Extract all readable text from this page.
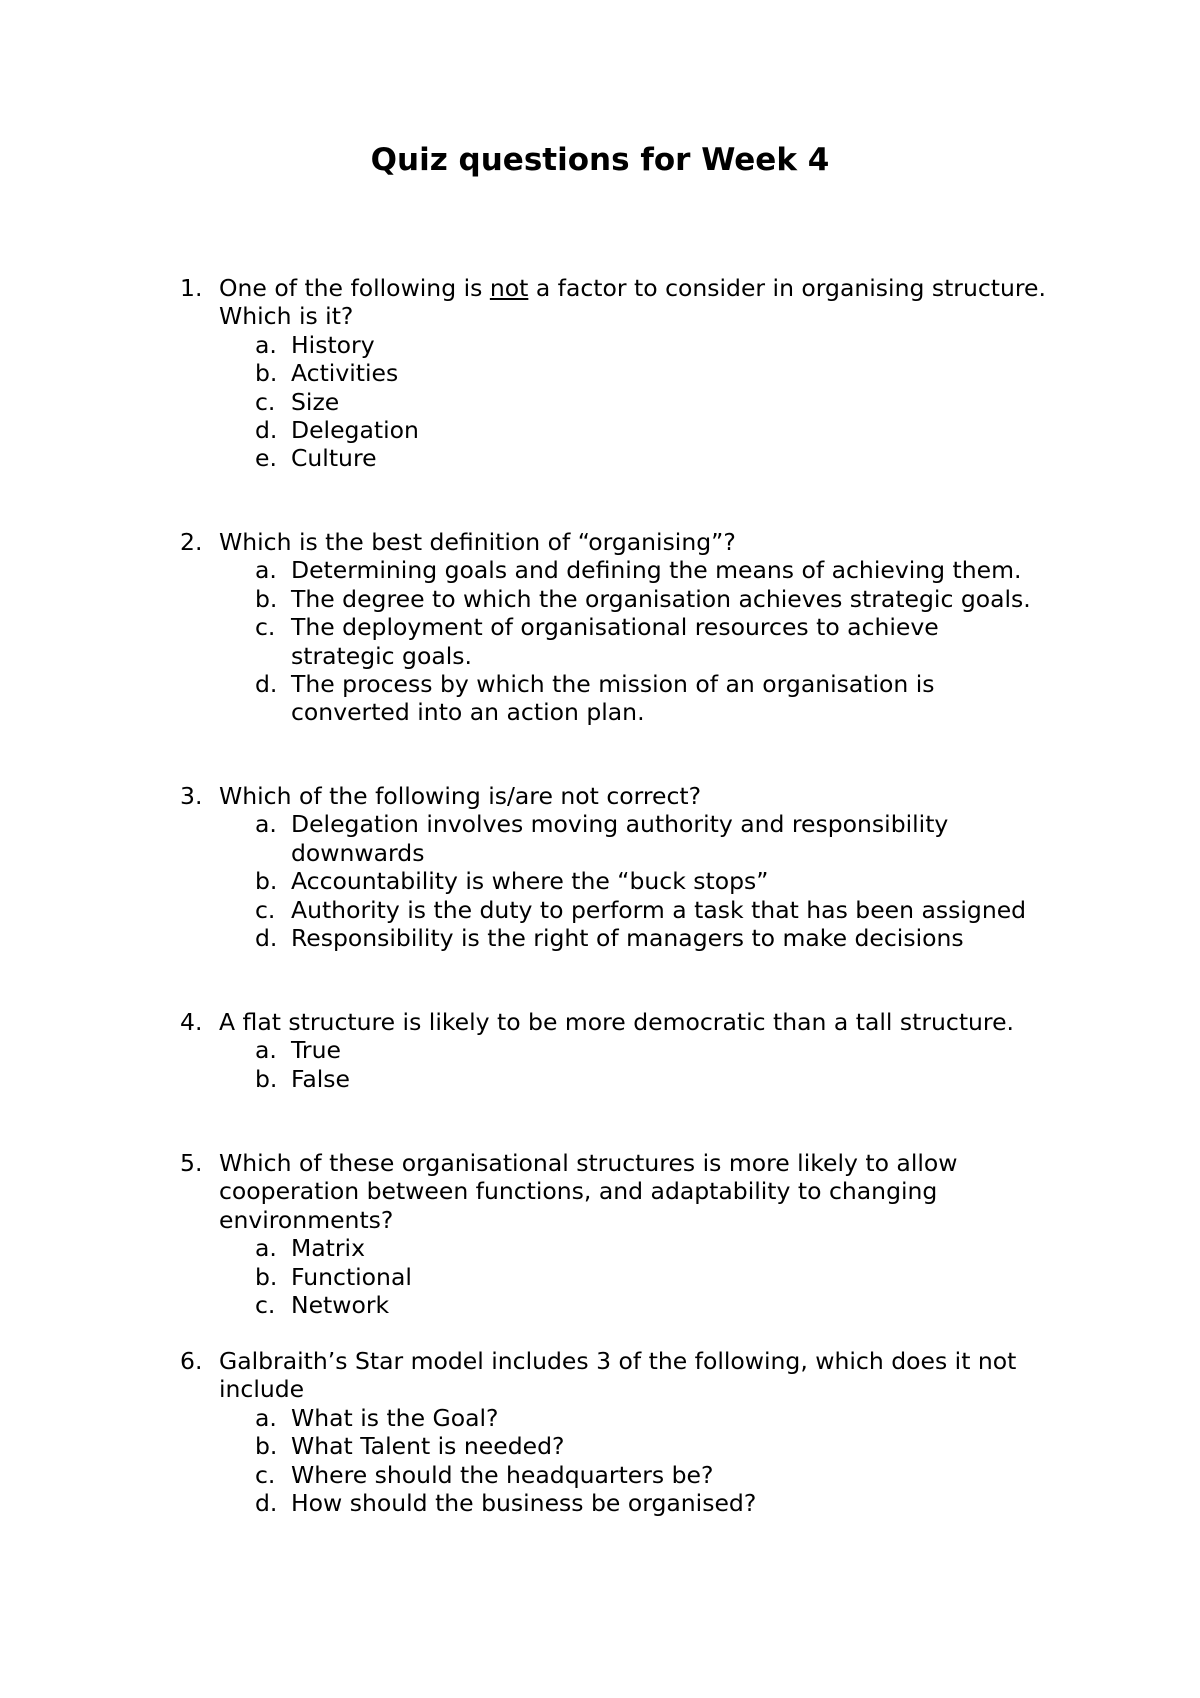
Quiz questions for Week 4
1. One of the following is not a factor to consider in organising structure. Which is it?
a. History
b. Activities
c. Size
d. Delegation
e. Culture
2. Which is the best definition of “organising”?
a. Determining goals and defining the means of achieving them.
b. The degree to which the organisation achieves strategic goals.
c. The deployment of organisational resources to achieve strategic goals.
d. The process by which the mission of an organisation is converted into an action plan.
3. Which of the following is/are not correct?
a. Delegation involves moving authority and responsibility downwards
b. Accountability is where the “buck stops”
c. Authority is the duty to perform a task that has been assigned
d. Responsibility is the right of managers to make decisions
4. A flat structure is likely to be more democratic than a tall structure.
a. True
b. False
5. Which of these organisational structures is more likely to allow cooperation between functions, and adaptability to changing environments?
a. Matrix
b. Functional
c. Network
6. Galbraith’s Star model includes 3 of the following, which does it not include
a. What is the Goal?
b. What Talent is needed?
c. Where should the headquarters be?
d. How should the business be organised?
